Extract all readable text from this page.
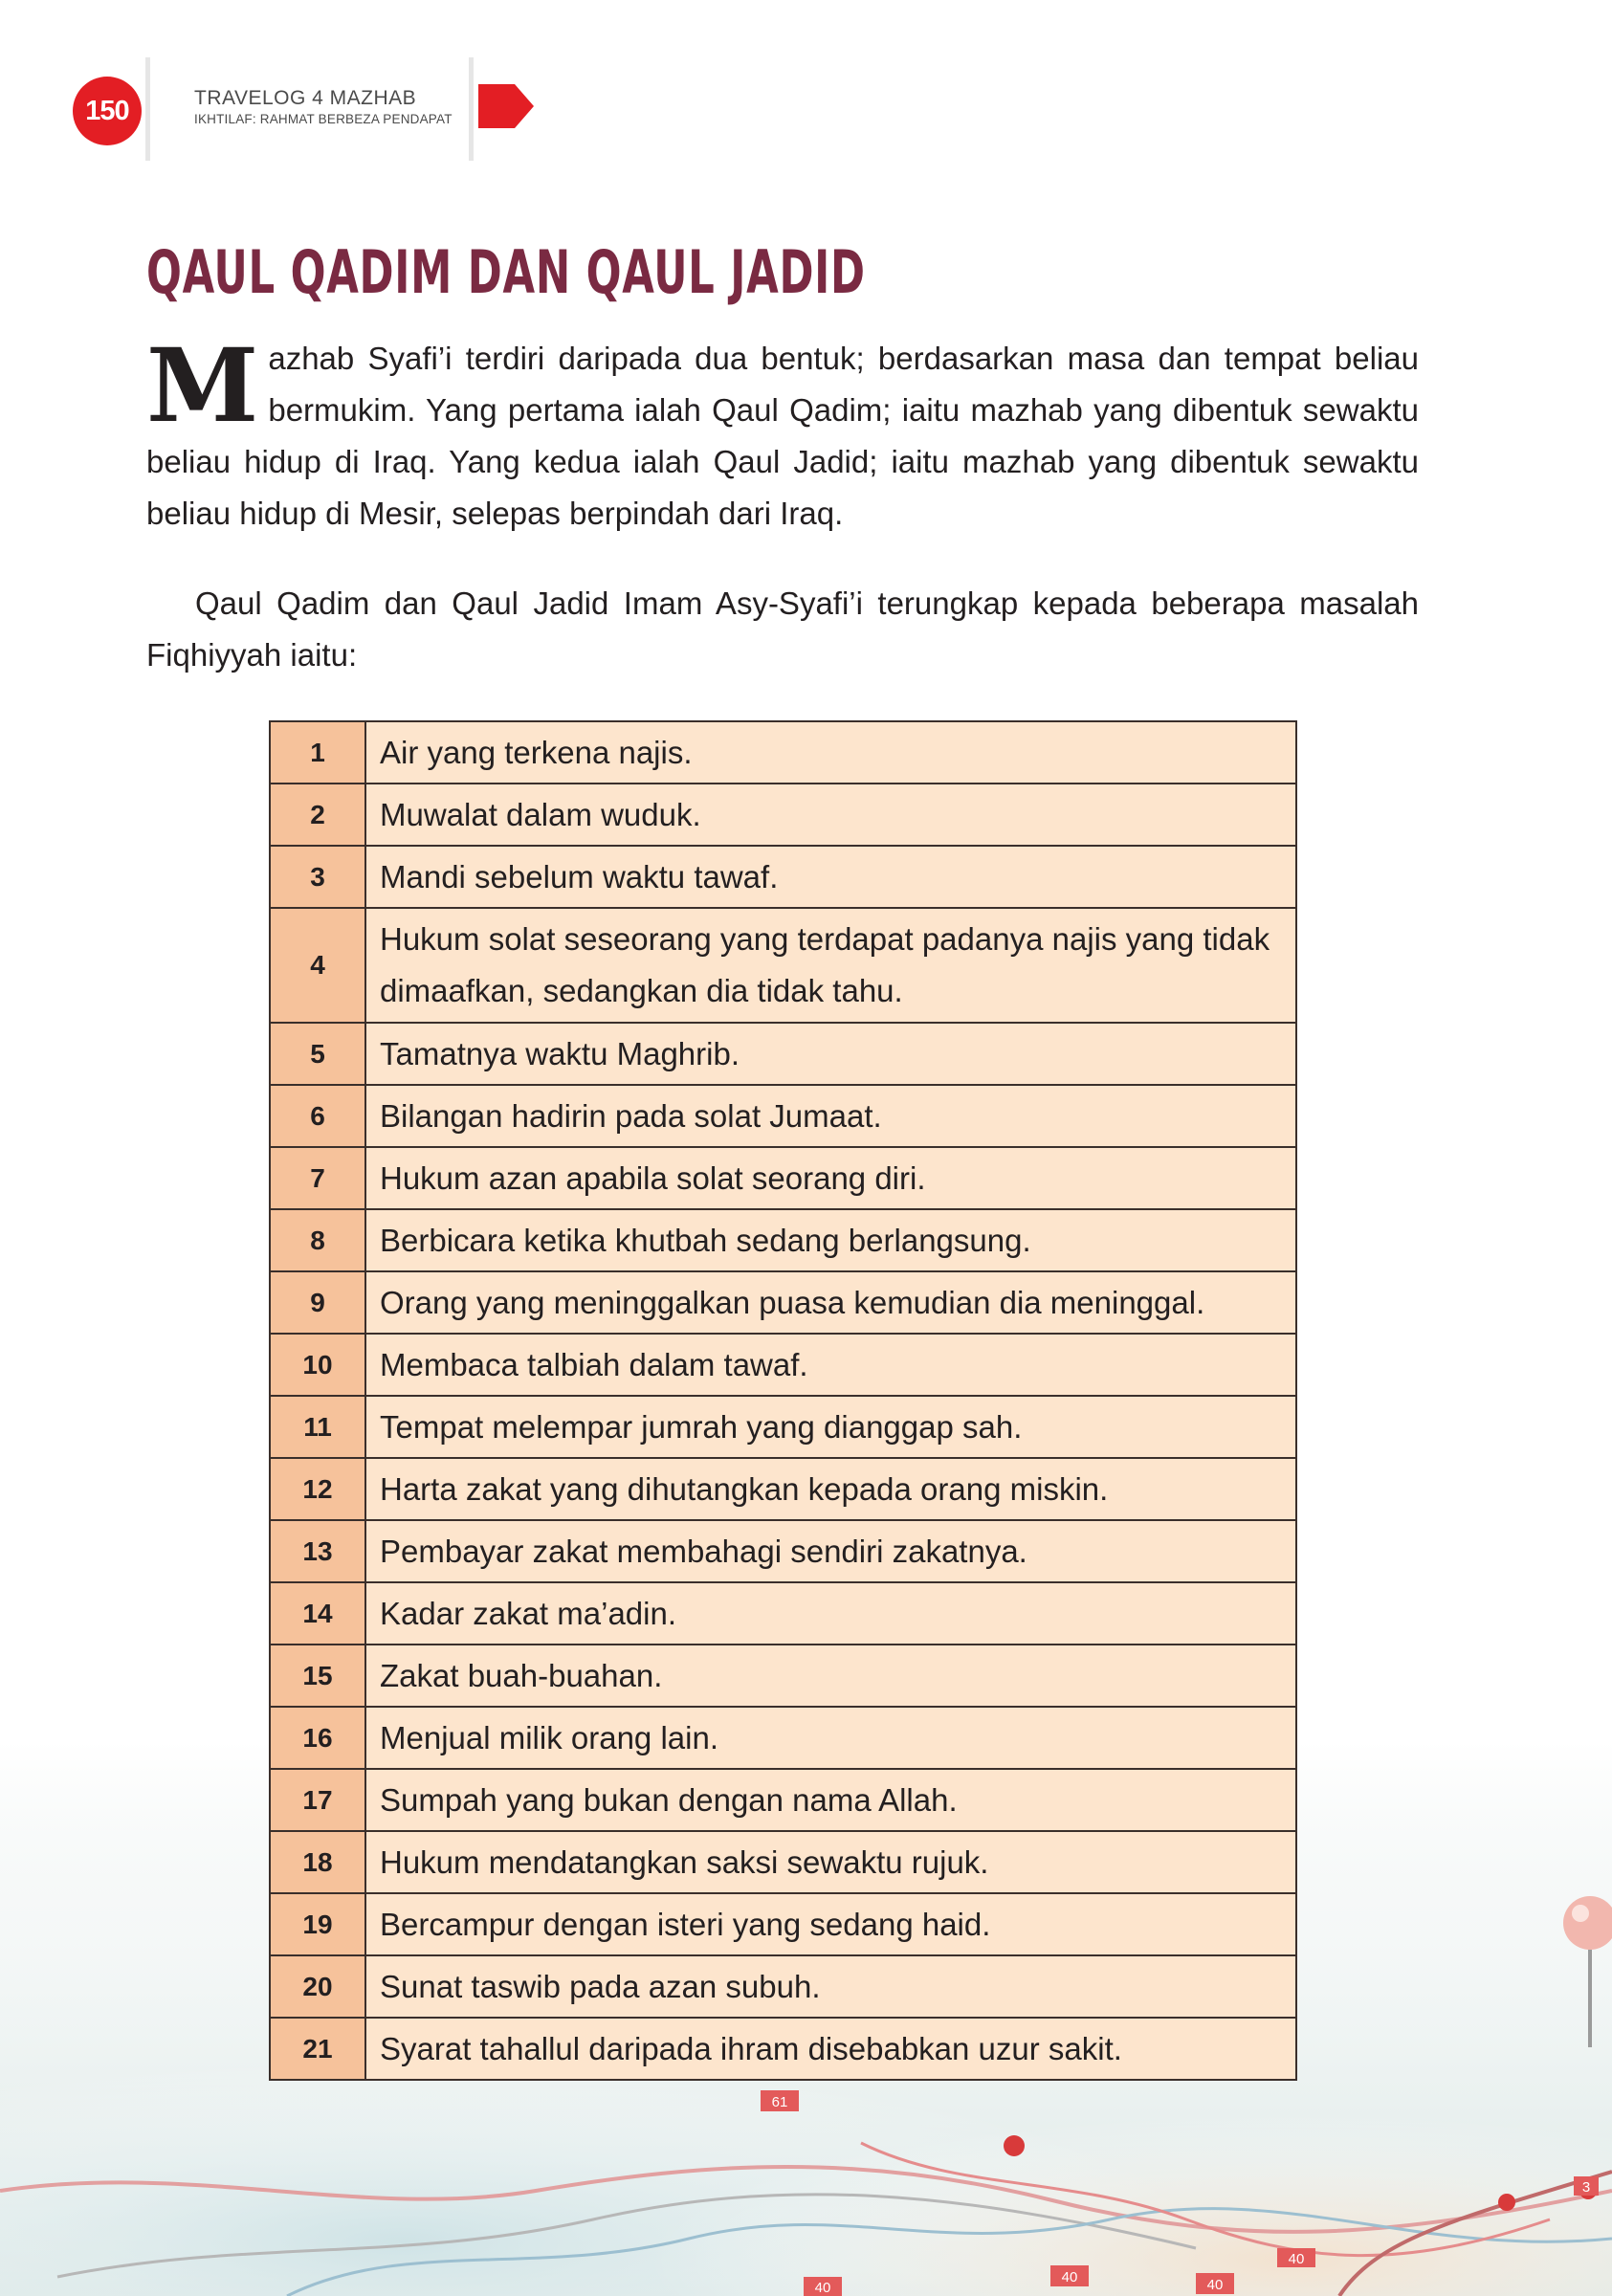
150	TRAVELOG 4 MAZHAB
IKHTILAF: RAHMAT BERBEZA PENDAPAT
QAUL QADIM DAN QAUL JADID

Mazhab Syafi’i terdiri daripada dua bentuk; berdasarkan masa dan tempat beliau bermukim. Yang pertama ialah Qaul Qadim; iaitu mazhab yang dibentuk sewaktu beliau hidup di Iraq. Yang kedua ialah Qaul Jadid; iaitu mazhab yang dibentuk sewaktu beliau hidup di Mesir, selepas berpindah dari Iraq.

Qaul Qadim dan Qaul Jadid Imam Asy-Syafi’i terungkap kepada beberapa masalah Fiqhiyyah iaitu:

1	Air yang terkena najis.
2	Muwalat dalam wuduk.
3	Mandi sebelum waktu tawaf.
4	Hukum solat seseorang yang terdapat padanya najis yang tidak dimaafkan, sedangkan dia tidak tahu.
5	Tamatnya waktu Maghrib.
6	Bilangan hadirin pada solat Jumaat.
7	Hukum azan apabila solat seorang diri.
8	Berbicara ketika khutbah sedang berlangsung.
9	Orang yang meninggalkan puasa kemudian dia meninggal.
10	Membaca talbiah dalam tawaf.
11	Tempat melempar jumrah yang dianggap sah.
12	Harta zakat yang dihutangkan kepada orang miskin.
13	Pembayar zakat membahagi sendiri zakatnya.
14	Kadar zakat ma’adin.
15	Zakat buah-buahan.
16	Menjual milik orang lain.
17	Sumpah yang bukan dengan nama Allah.
18	Hukum mendatangkan saksi sewaktu rujuk.
19	Bercampur dengan isteri yang sedang haid.
20	Sunat taswib pada azan subuh.
21	Syarat tahallul daripada ihram disebabkan uzur sakit.
61
40
40	40
40
3
